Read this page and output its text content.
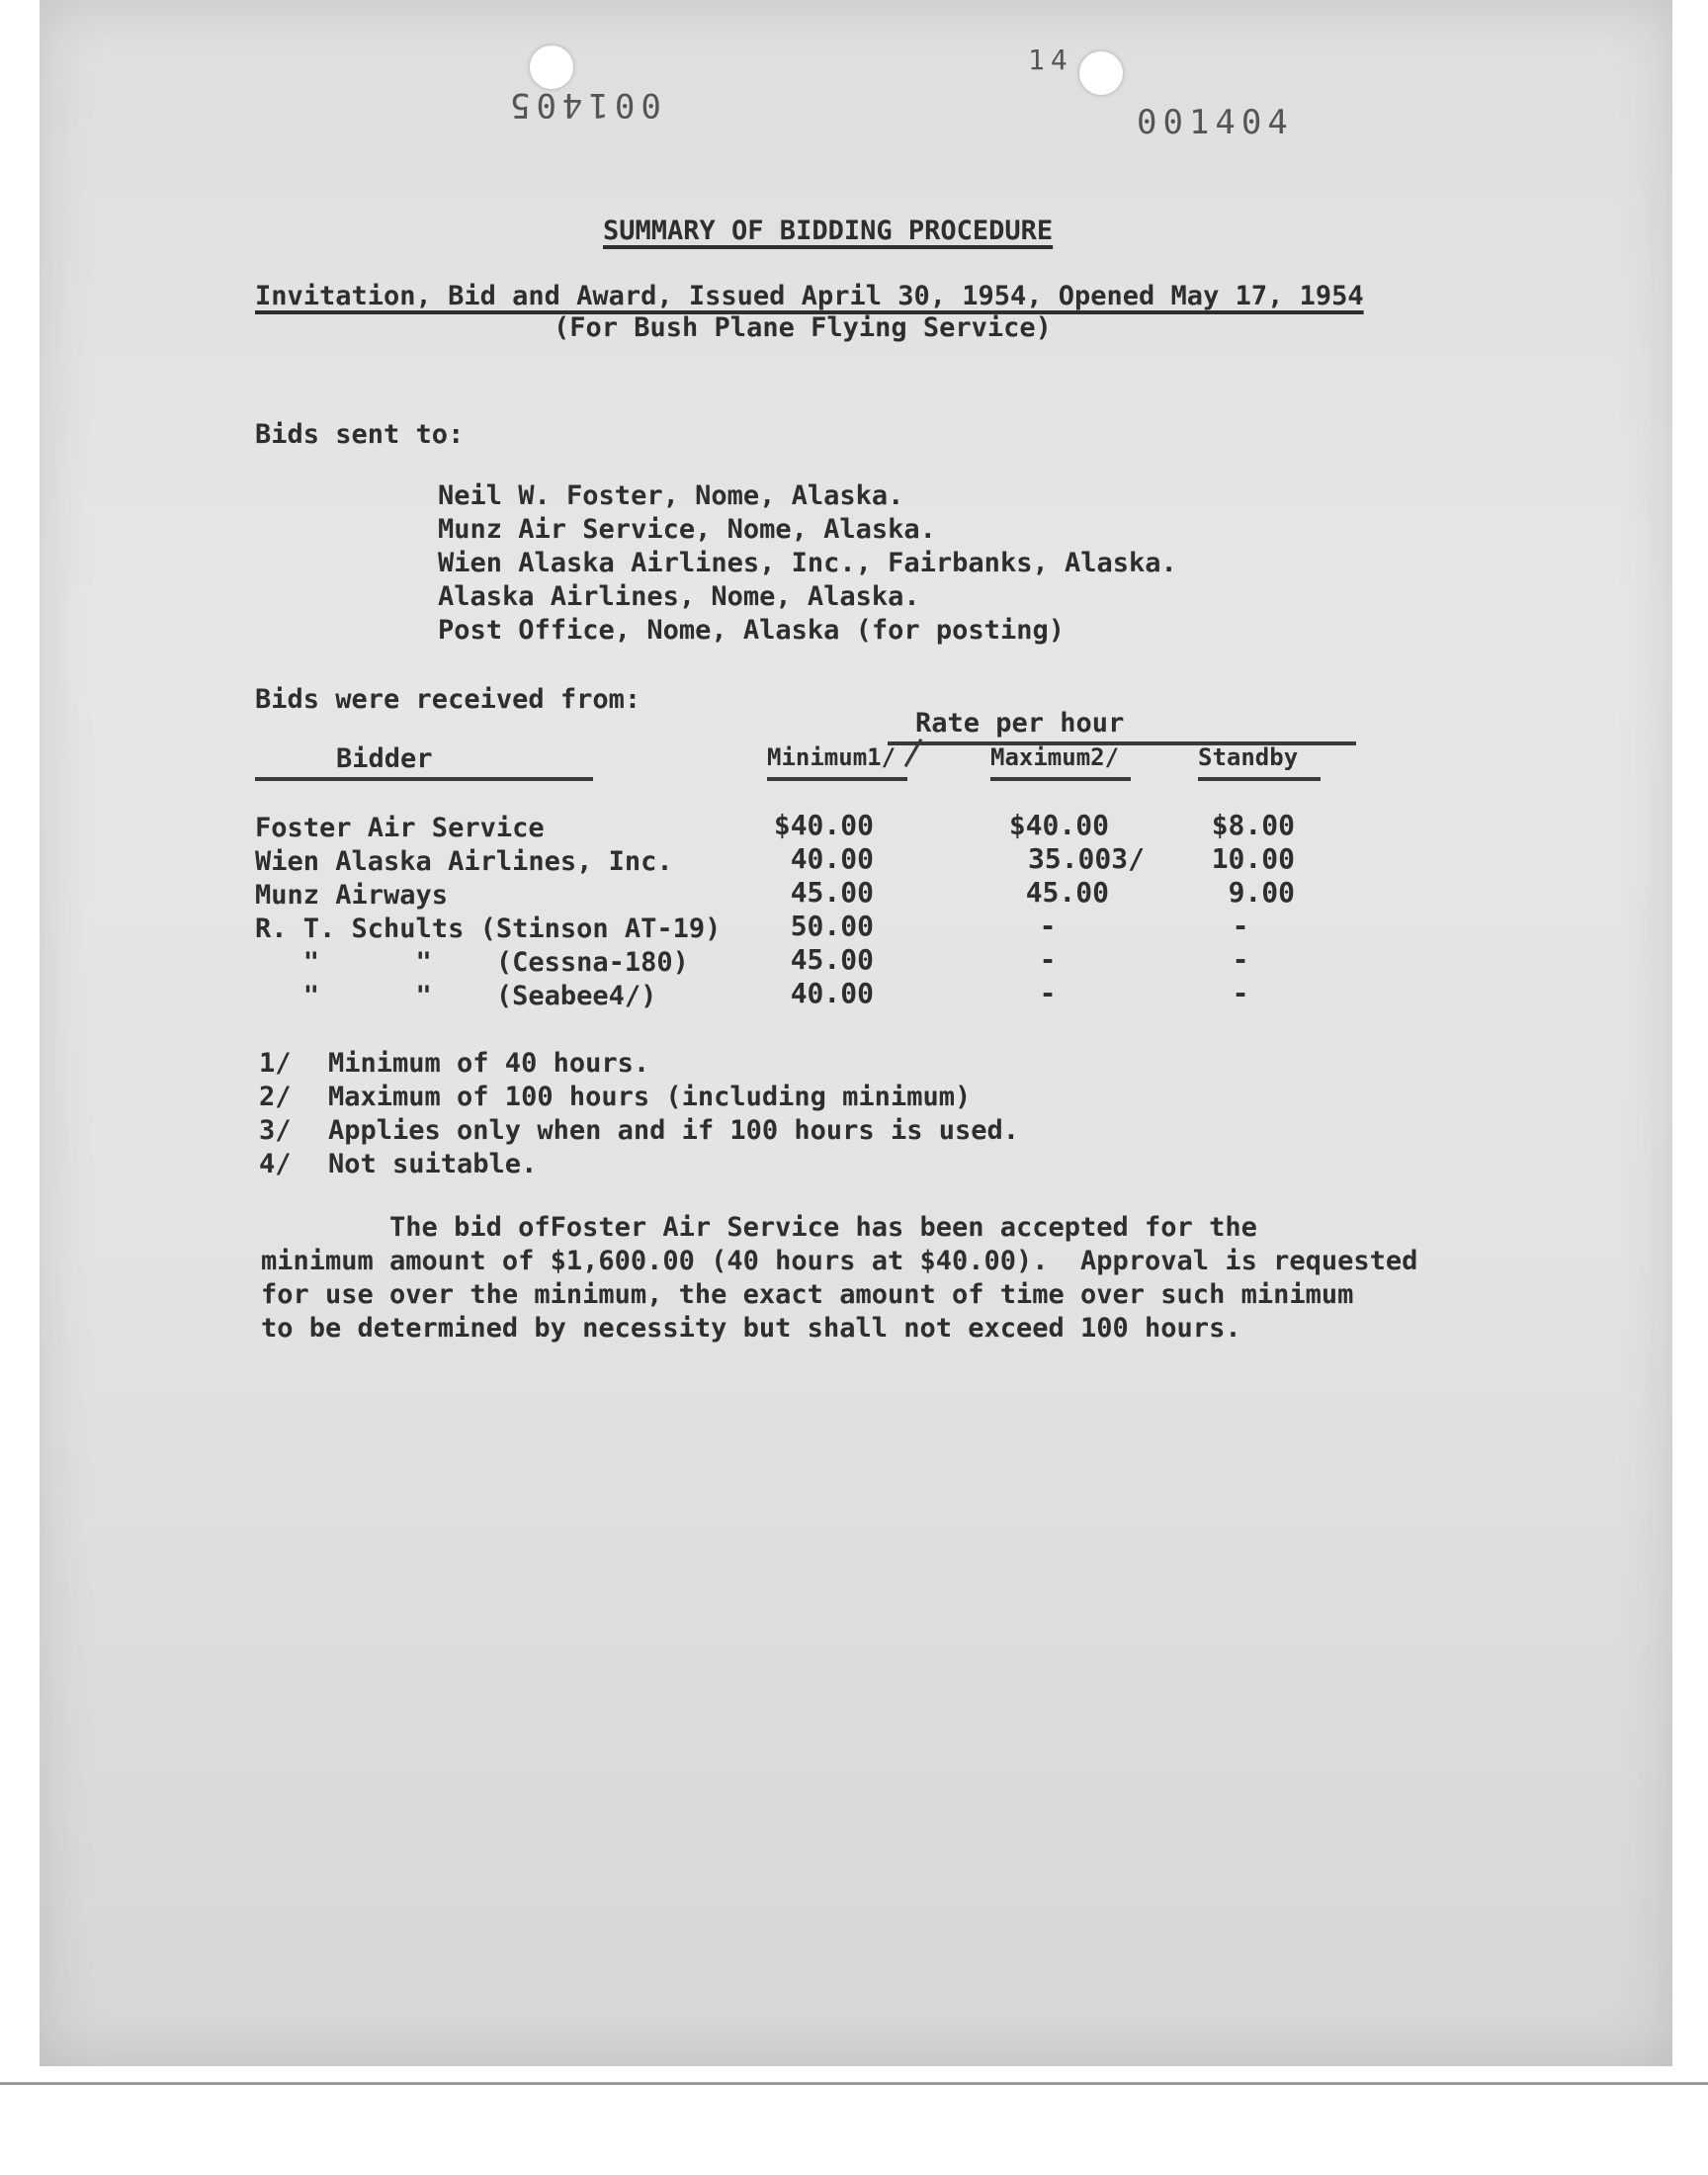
001405
14
001404
SUMMARY OF BIDDING PROCEDURE
Invitation, Bid and Award, Issued April 30, 1954, Opened May 17, 1954
(For Bush Plane Flying Service)
Bids sent to:
Neil W. Foster, Nome, Alaska.
Munz Air Service, Nome, Alaska.
Wien Alaska Airlines, Inc., Fairbanks, Alaska.
Alaska Airlines, Nome, Alaska.
Post Office, Nome, Alaska (for posting)
Bids were received from:
Rate per hour
Bidder	Minimum1/	Maximum2/	Standby
Foster Air Service	$40.00	$40.00	$8.00
Wien Alaska Airlines, Inc.	40.00	35.003/	10.00
Munz Airways	45.00	45.00	9.00
R. T. Schults (Stinson AT-19)	50.00	-	-
"      "    (Cessna-180)	45.00	-	-
"      "    (Seabee4/)	40.00	-	-
1/ Minimum of 40 hours.
2/ Maximum of 100 hours (including minimum)
3/ Applies only when and if 100 hours is used.
4/ Not suitable.
The bid ofFoster Air Service has been accepted for the
minimum amount of $1,600.00 (40 hours at $40.00).  Approval is requested
for use over the minimum, the exact amount of time over such minimum
to be determined by necessity but shall not exceed 100 hours.
